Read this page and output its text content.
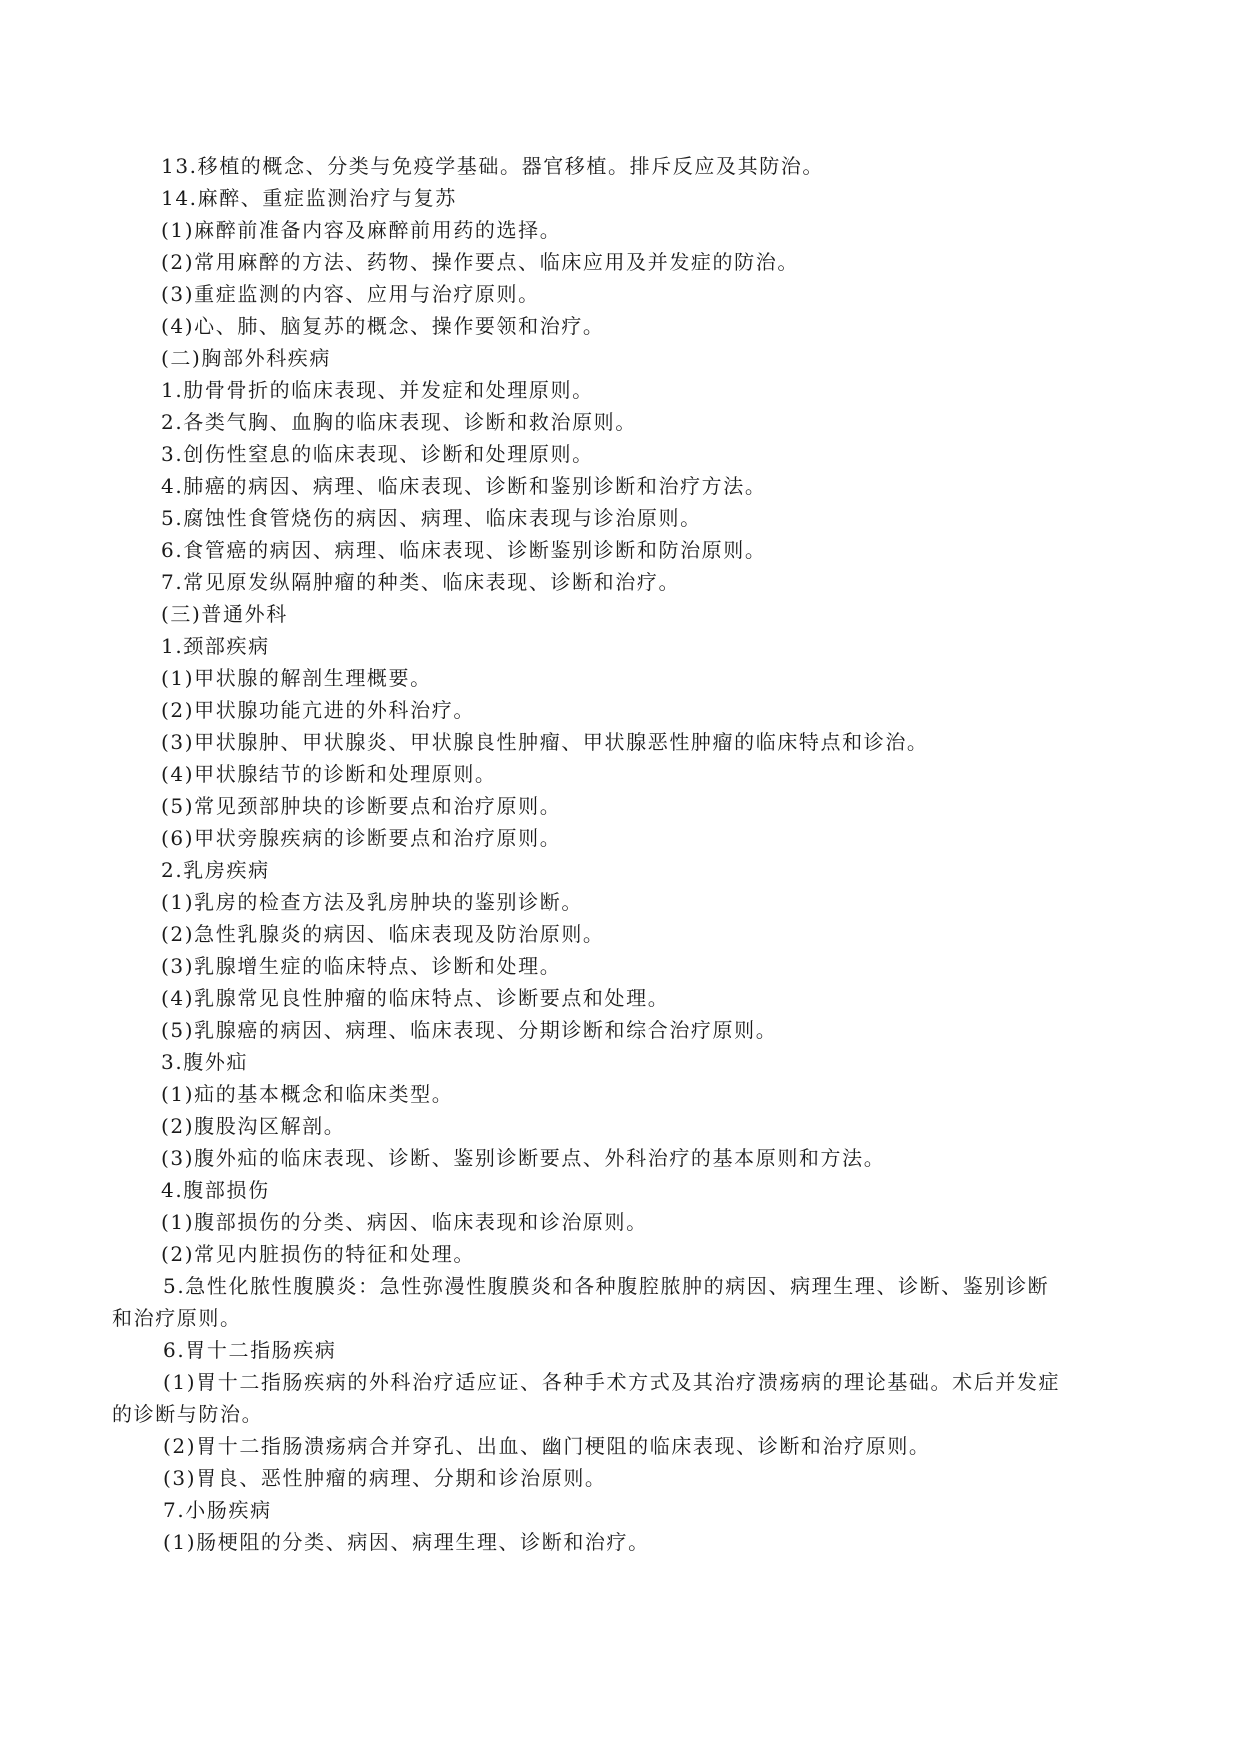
13.移植的概念、分类与免疫学基础。器官移植。排斥反应及其防治。
14.麻醉、重症监测治疗与复苏
(1)麻醉前准备内容及麻醉前用药的选择。
(2)常用麻醉的方法、药物、操作要点、临床应用及并发症的防治。
(3)重症监测的内容、应用与治疗原则。
(4)心、肺、脑复苏的概念、操作要领和治疗。
(二)胸部外科疾病
1.肋骨骨折的临床表现、并发症和处理原则。
2.各类气胸、血胸的临床表现、诊断和救治原则。
3.创伤性窒息的临床表现、诊断和处理原则。
4.肺癌的病因、病理、临床表现、诊断和鉴别诊断和治疗方法。
5.腐蚀性食管烧伤的病因、病理、临床表现与诊治原则。
6.食管癌的病因、病理、临床表现、诊断鉴别诊断和防治原则。
7.常见原发纵隔肿瘤的种类、临床表现、诊断和治疗。
(三)普通外科
1.颈部疾病
(1)甲状腺的解剖生理概要。
(2)甲状腺功能亢进的外科治疗。
(3)甲状腺肿、甲状腺炎、甲状腺良性肿瘤、甲状腺恶性肿瘤的临床特点和诊治。
(4)甲状腺结节的诊断和处理原则。
(5)常见颈部肿块的诊断要点和治疗原则。
(6)甲状旁腺疾病的诊断要点和治疗原则。
2.乳房疾病
(1)乳房的检查方法及乳房肿块的鉴别诊断。
(2)急性乳腺炎的病因、临床表现及防治原则。
(3)乳腺增生症的临床特点、诊断和处理。
(4)乳腺常见良性肿瘤的临床特点、诊断要点和处理。
(5)乳腺癌的病因、病理、临床表现、分期诊断和综合治疗原则。
3.腹外疝
(1)疝的基本概念和临床类型。
(2)腹股沟区解剖。
(3)腹外疝的临床表现、诊断、鉴别诊断要点、外科治疗的基本原则和方法。
4.腹部损伤
(1)腹部损伤的分类、病因、临床表现和诊治原则。
(2)常见内脏损伤的特征和处理。
5.急性化脓性腹膜炎：急性弥漫性腹膜炎和各种腹腔脓肿的病因、病理生理、诊断、鉴别诊断
和治疗原则。
6.胃十二指肠疾病
(1)胃十二指肠疾病的外科治疗适应证、各种手术方式及其治疗溃疡病的理论基础。术后并发症
的诊断与防治。
(2)胃十二指肠溃疡病合并穿孔、出血、幽门梗阻的临床表现、诊断和治疗原则。
(3)胃良、恶性肿瘤的病理、分期和诊治原则。
7.小肠疾病
(1)肠梗阻的分类、病因、病理生理、诊断和治疗。
